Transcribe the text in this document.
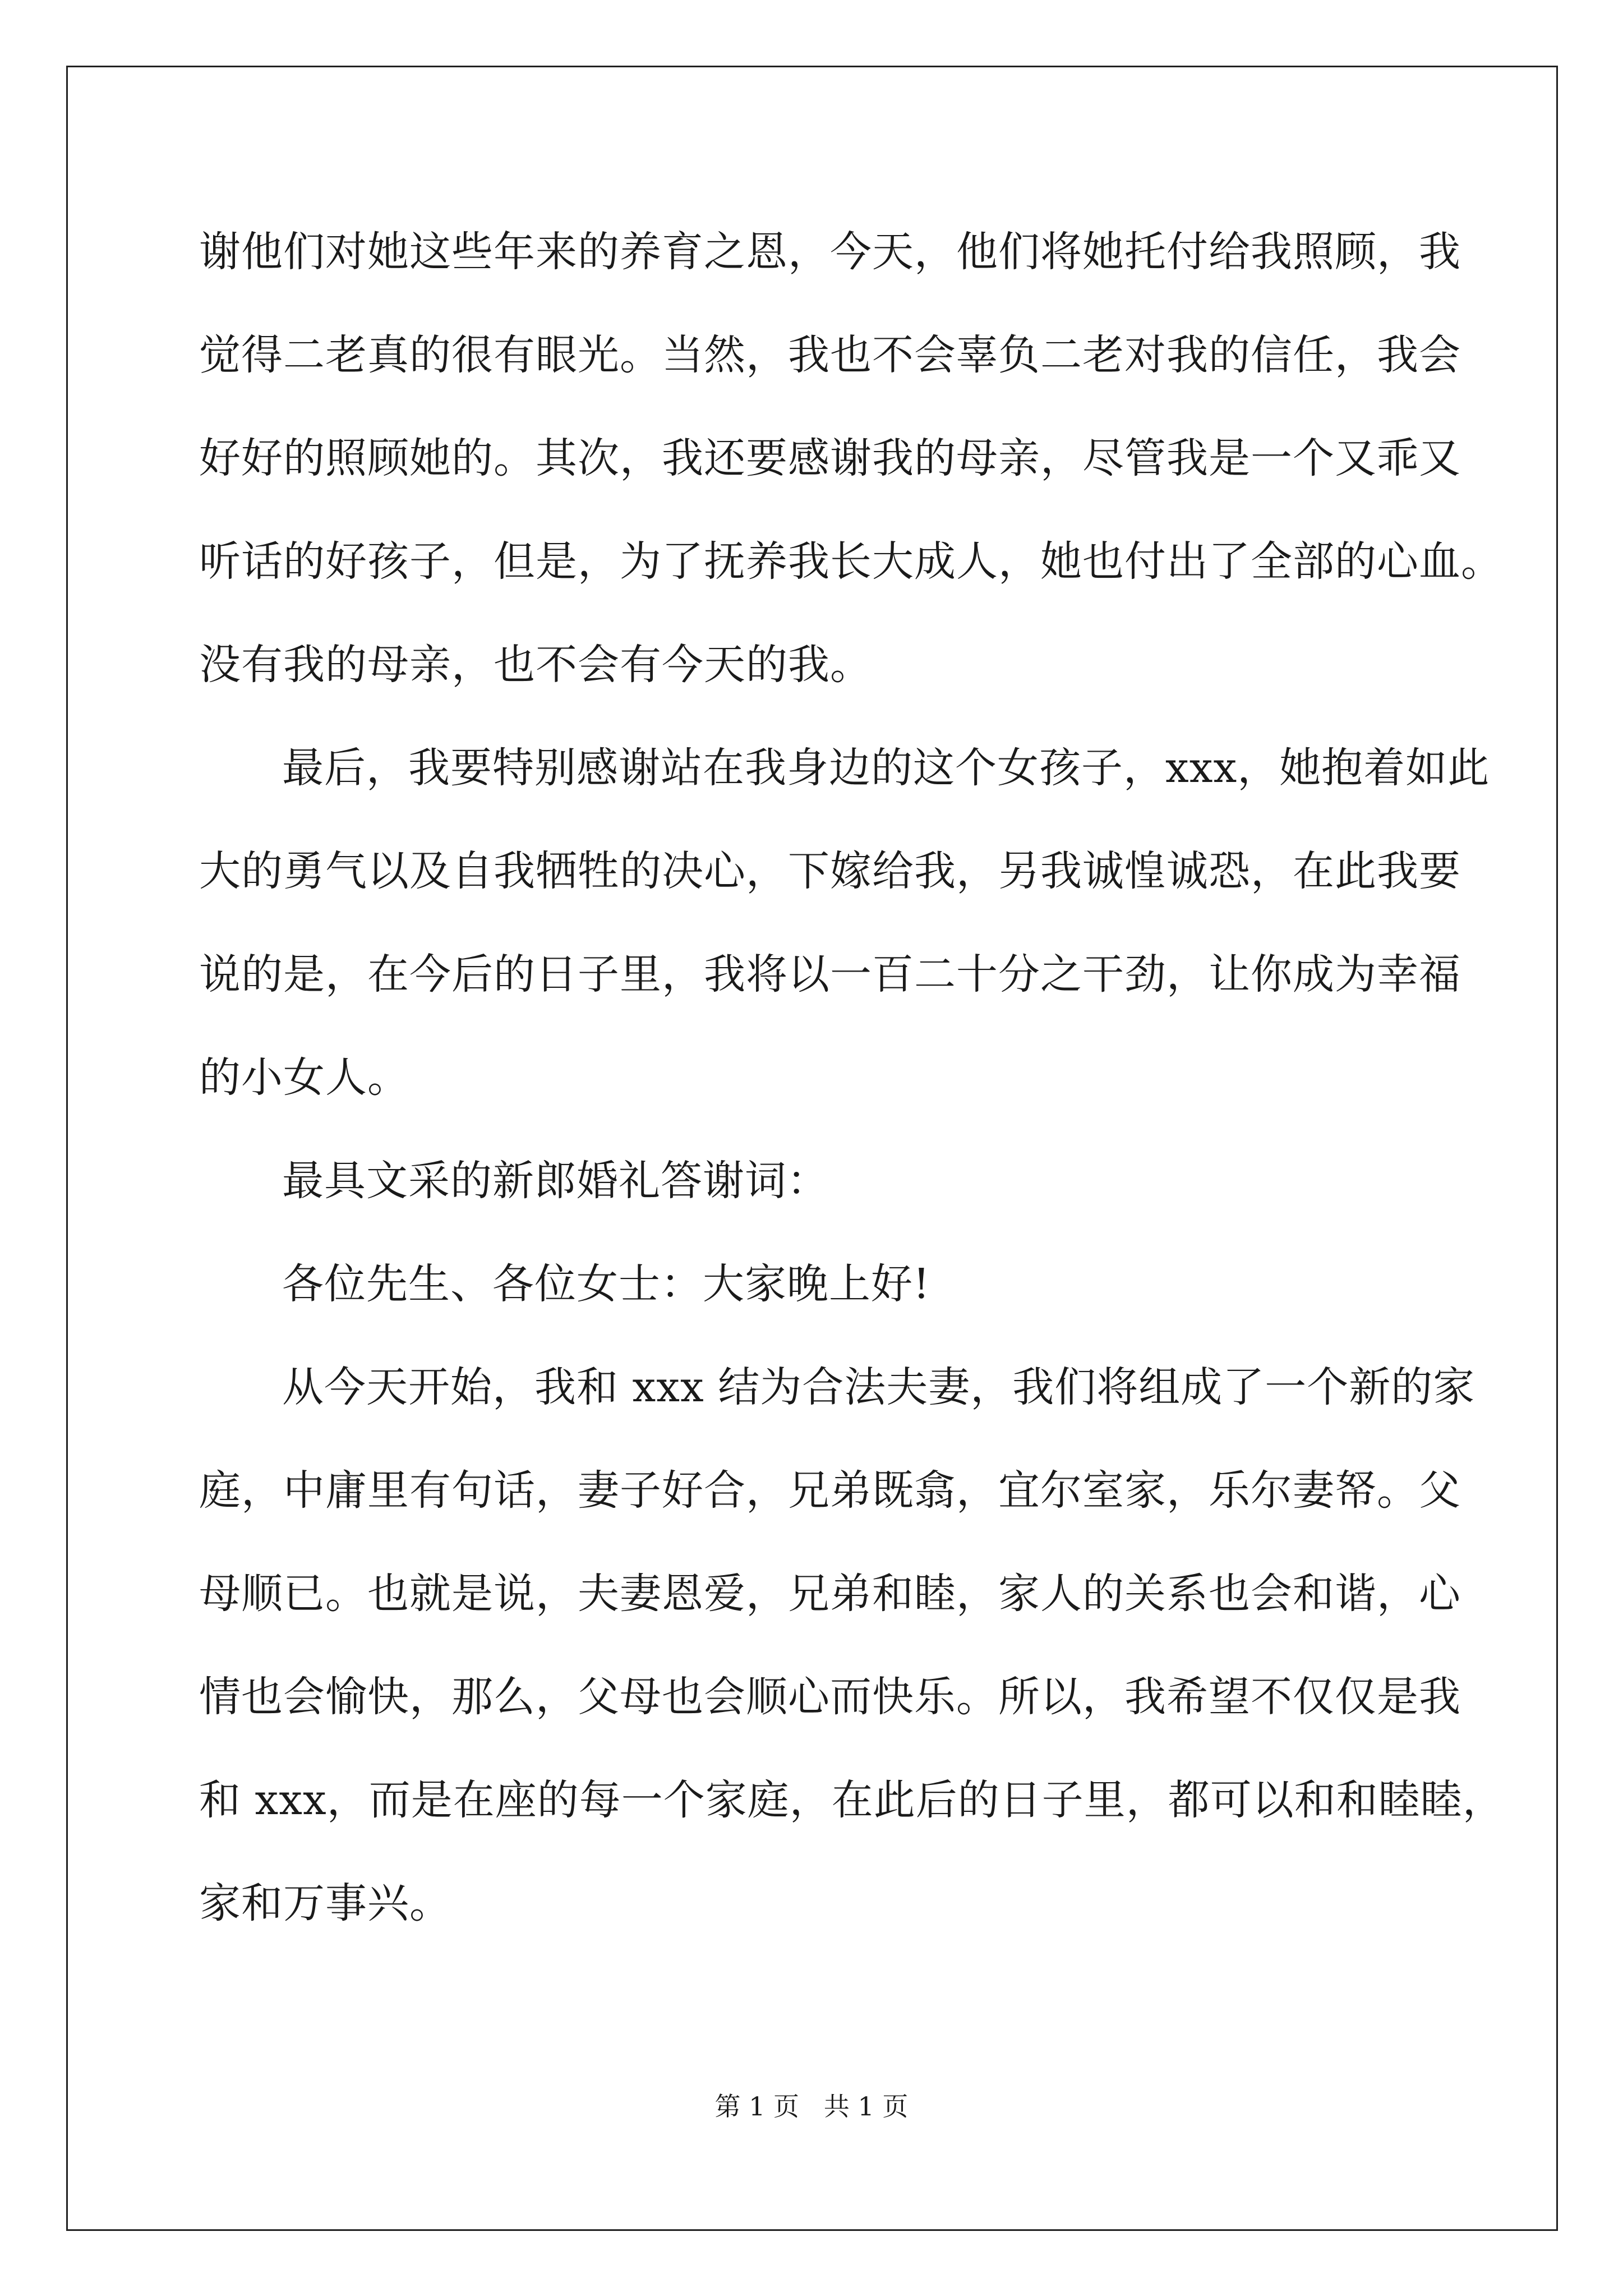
谢他们对她这些年来的养育之恩，今天，他们将她托付给我照顾，我
觉得二老真的很有眼光。当然，我也不会辜负二老对我的信任，我会
好好的照顾她的。其次，我还要感谢我的母亲，尽管我是一个又乖又
听话的好孩子，但是，为了抚养我长大成人，她也付出了全部的心血。
没有我的母亲，也不会有今天的我。
最后，我要特别感谢站在我身边的这个女孩子，xxx，她抱着如此
大的勇气以及自我牺牲的决心，下嫁给我，另我诚惶诚恐，在此我要
说的是，在今后的日子里，我将以一百二十分之干劲，让你成为幸福
的小女人。
最具文采的新郎婚礼答谢词：
各位先生、各位女士：大家晚上好!
从今天开始，我和 xxx 结为合法夫妻，我们将组成了一个新的家
庭，中庸里有句话，妻子好合，兄弟既翕，宜尔室家，乐尔妻帑。父
母顺已。也就是说，夫妻恩爱，兄弟和睦，家人的关系也会和谐，心
情也会愉快，那么，父母也会顺心而快乐。所以，我希望不仅仅是我
和 xxx，而是在座的每一个家庭，在此后的日子里，都可以和和睦睦，
家和万事兴。
第 1 页   共 1 页
